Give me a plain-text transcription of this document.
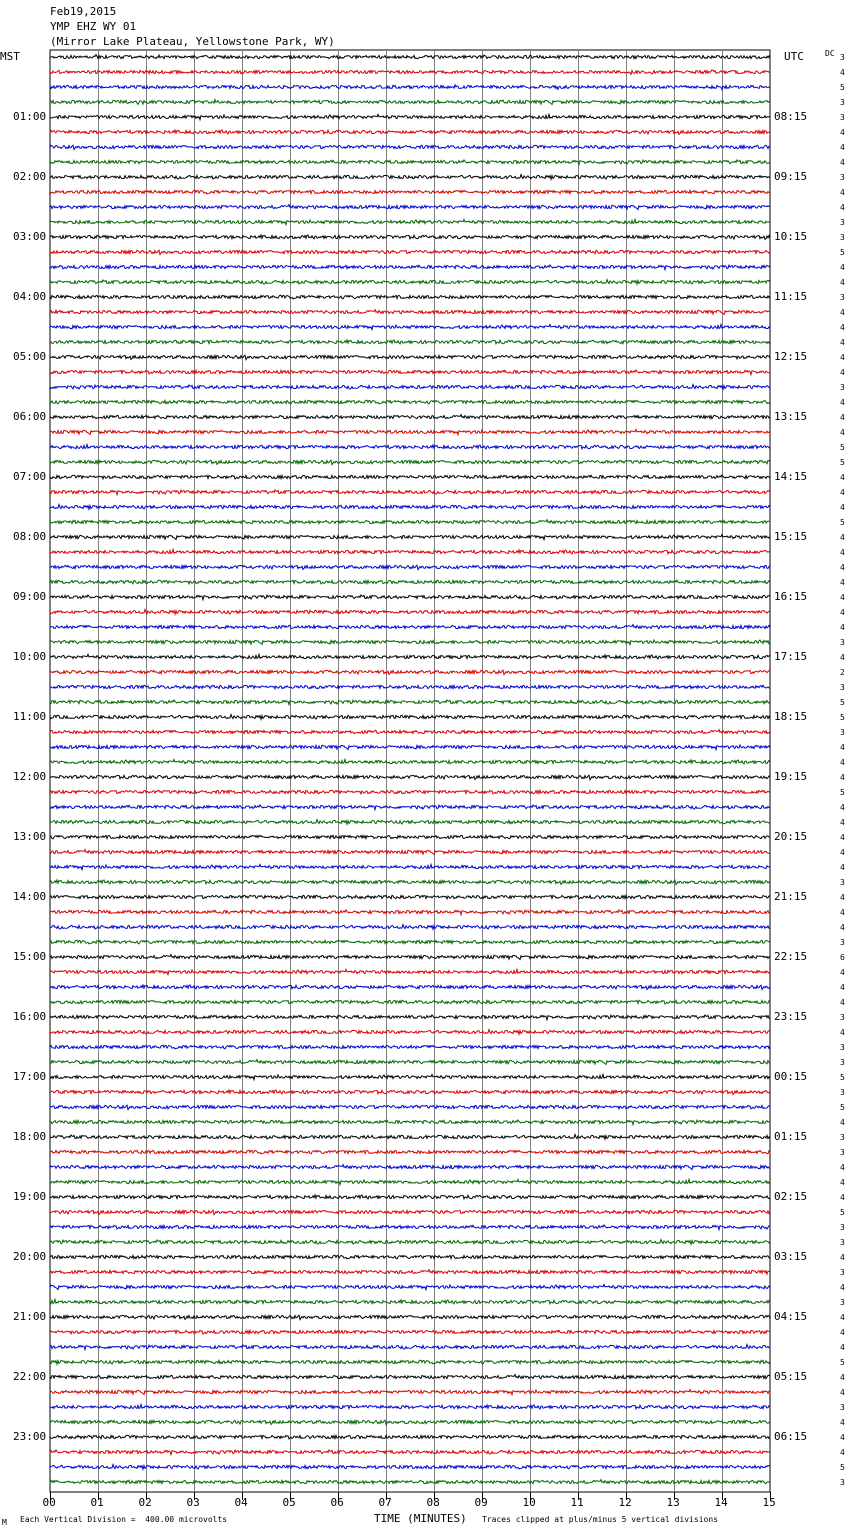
Feb19,2015
YMP EHZ WY 01
(Mirror Lake Plateau, Yellowstone Park, WY)
MST	UTC	DC
01:00
02:00
03:00
04:00
05:00
06:00
07:00
08:00
09:00
10:00
11:00
12:00
13:00
14:00
15:00
16:00
17:00
18:00
19:00
20:00
21:00
22:00
23:00
08:15
09:15
10:15
11:15
12:15
13:15
14:15
15:15
16:15
17:15
18:15
19:15
20:15
21:15
22:15
23:15
00:15
01:15
02:15
03:15
04:15
05:15
06:15
3
4
5
3
3
4
4
4
3
4
4
3
3
5
4
4
3
4
4
4
4
4
3
4
4
4
5
5
4
4
4
5
4
4
4
4
4
4
4
3
4
2
3
5
5
3
4
4
4
5
4
4
4
4
4
3
4
4
4
3
6
4
4
4
3
4
3
3
5
3
5
4
3
3
4
4
4
5
3
3
4
3
4
3
4
4
4
5
4
4
3
4
4
4
5
3
00	01	02	03	04	05	06	07	08	09	10	11	12	13	14	15
M Each Vertical Division =  400.00 microvolts	TIME (MINUTES) Traces clipped at plus/minus 5 vertical divisions
